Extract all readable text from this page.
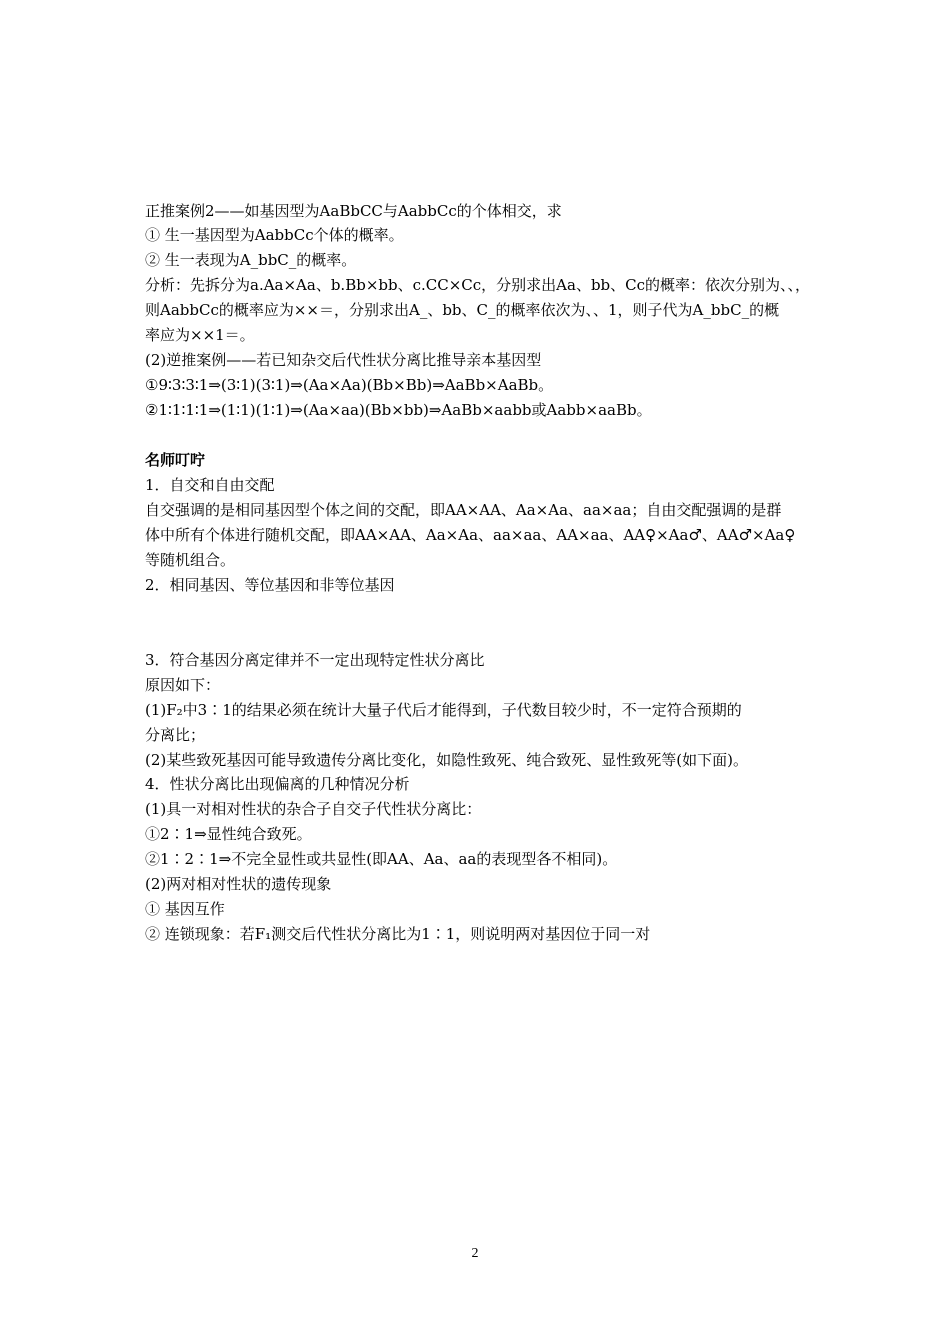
正推案例2——如基因型为AaBbCC与AabbCc的个体相交，求
① 生一基因型为AabbCc个体的概率。
② 生一表现为A_bbC_的概率。
分析：先拆分为a.Aa×Aa、b.Bb×bb、c.CC×Cc，分别求出Aa、bb、Cc的概率：依次分别为、、，
则AabbCc的概率应为××＝，分别求出A_、bb、C_的概率依次为、、1，则子代为A_bbC_的概
率应为××1＝。
(2)逆推案例——若已知杂交后代性状分离比推导亲本基因型
①9∶3∶3∶1⇒(3∶1)(3∶1)⇒(Aa×Aa)(Bb×Bb)⇒AaBb×AaBb。
②1∶1∶1∶1⇒(1∶1)(1∶1)⇒(Aa×aa)(Bb×bb)⇒AaBb×aabb或Aabb×aaBb。
名师叮咛
1．自交和自由交配
自交强调的是相同基因型个体之间的交配，即AA×AA、Aa×Aa、aa×aa；自由交配强调的是群
体中所有个体进行随机交配，即AA×AA、Aa×Aa、aa×aa、AA×aa、AA♀×Aa♂、AA♂×Aa♀
等随机组合。
2．相同基因、等位基因和非等位基因
3．符合基因分离定律并不一定出现特定性状分离比
原因如下：
(1)F₂中3∶1的结果必须在统计大量子代后才能得到，子代数目较少时，不一定符合预期的
分离比；
(2)某些致死基因可能导致遗传分离比变化，如隐性致死、纯合致死、显性致死等(如下面)。
4．性状分离比出现偏离的几种情况分析
(1)具一对相对性状的杂合子自交子代性状分离比：
①2∶1⇒显性纯合致死。
②1∶2∶1⇒不完全显性或共显性(即AA、Aa、aa的表现型各不相同)。
(2)两对相对性状的遗传现象
① 基因互作
② 连锁现象：若F₁测交后代性状分离比为1∶1，则说明两对基因位于同一对
2
